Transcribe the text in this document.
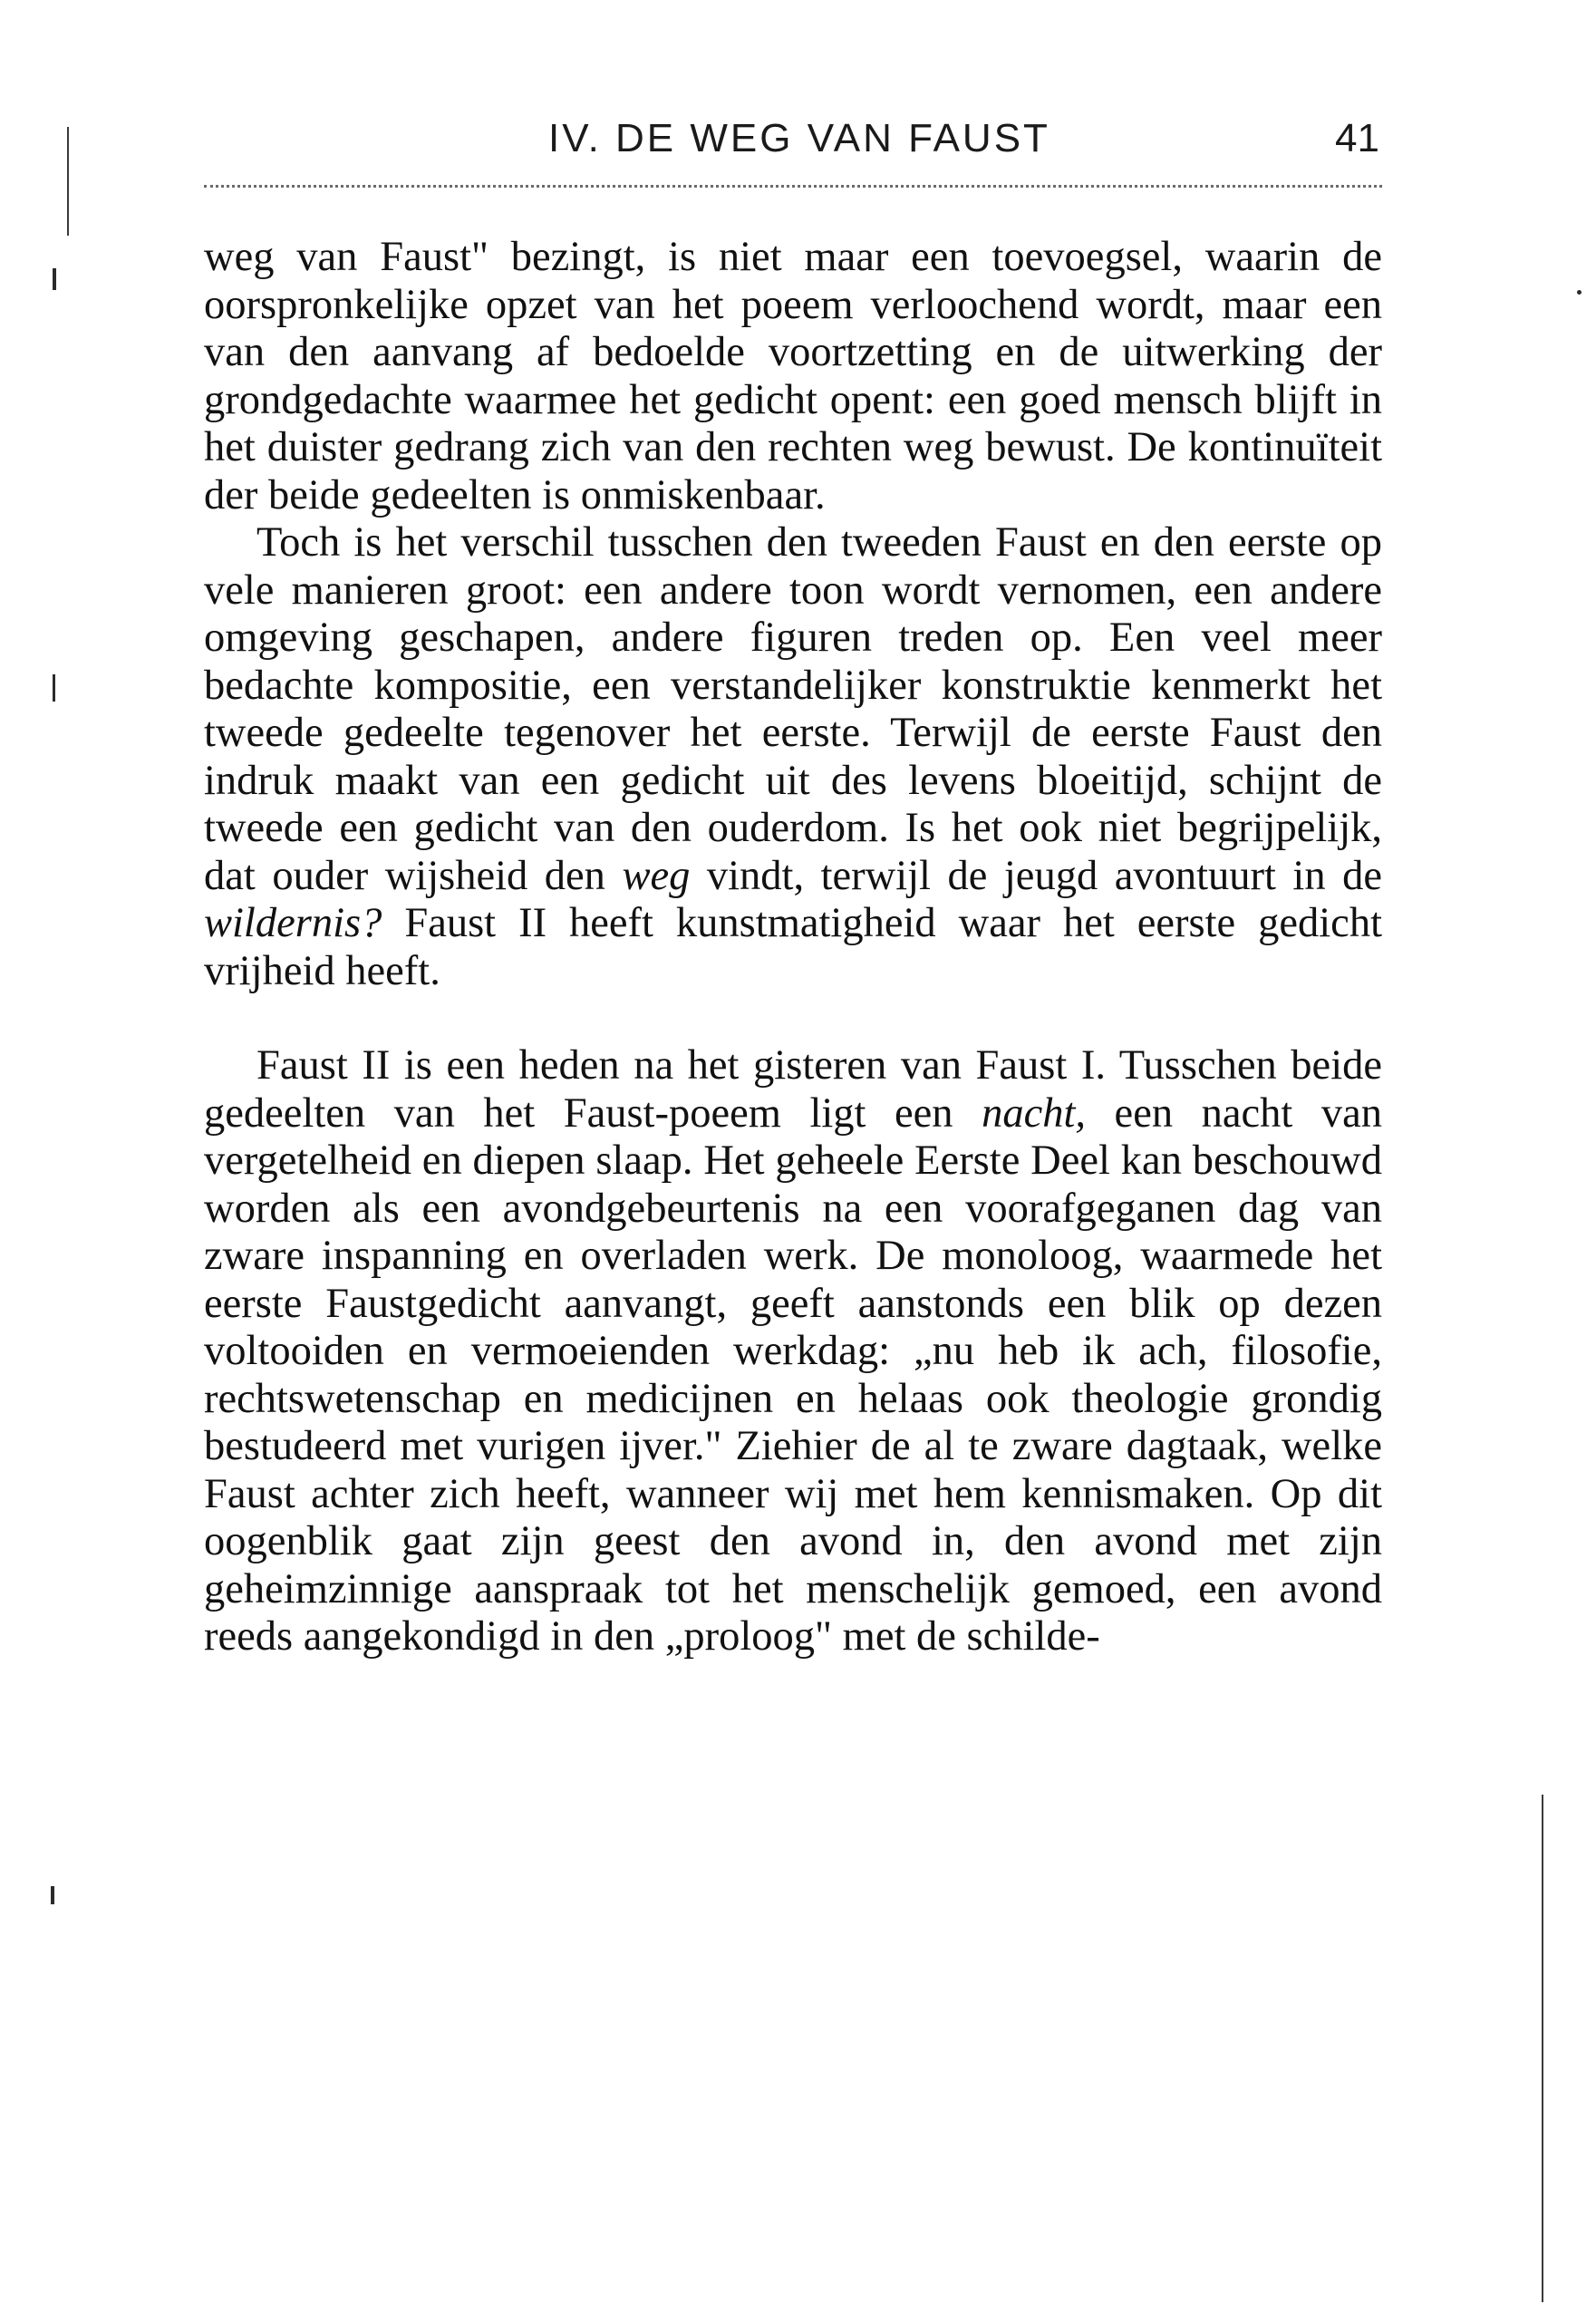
IV. DE WEG VAN FAUST	41

weg van Faust" bezingt, is niet maar een toevoegsel, waarin de oorspronkelijke opzet van het poeem verloochend wordt, maar een van den aanvang af bedoelde voortzetting en de uitwerking der grondgedachte waarmee het gedicht opent: een goed mensch blijft in het duister gedrang zich van den rechten weg bewust. De kontinuïteit der beide gedeelten is onmiskenbaar.

Toch is het verschil tusschen den tweeden Faust en den eerste op vele manieren groot: een andere toon wordt vernomen, een andere omgeving geschapen, andere figuren treden op. Een veel meer bedachte kompositie, een verstandelijker konstruktie kenmerkt het tweede gedeelte tegenover het eerste. Terwijl de eerste Faust den indruk maakt van een gedicht uit des levens bloeitijd, schijnt de tweede een gedicht van den ouderdom. Is het ook niet begrijpelijk, dat ouder wijsheid den weg vindt, terwijl de jeugd avontuurt in de wildernis? Faust II heeft kunstmatigheid waar het eerste gedicht vrijheid heeft.

Faust II is een heden na het gisteren van Faust I. Tusschen beide gedeelten van het Faust-poeem ligt een nacht, een nacht van vergetelheid en diepen slaap. Het geheele Eerste Deel kan beschouwd worden als een avondgebeurtenis na een voorafgeganen dag van zware inspanning en overladen werk. De monoloog, waarmede het eerste Faustgedicht aanvangt, geeft aanstonds een blik op dezen voltooiden en vermoeienden werkdag: „nu heb ik ach, filosofie, rechtswetenschap en medicijnen en helaas ook theologie grondig bestudeerd met vurigen ijver." Ziehier de al te zware dagtaak, welke Faust achter zich heeft, wanneer wij met hem kennismaken. Op dit oogenblik gaat zijn geest den avond in, den avond met zijn geheimzinnige aanspraak tot het menschelijk gemoed, een avond reeds aangekondigd in den „proloog" met de schilde-
